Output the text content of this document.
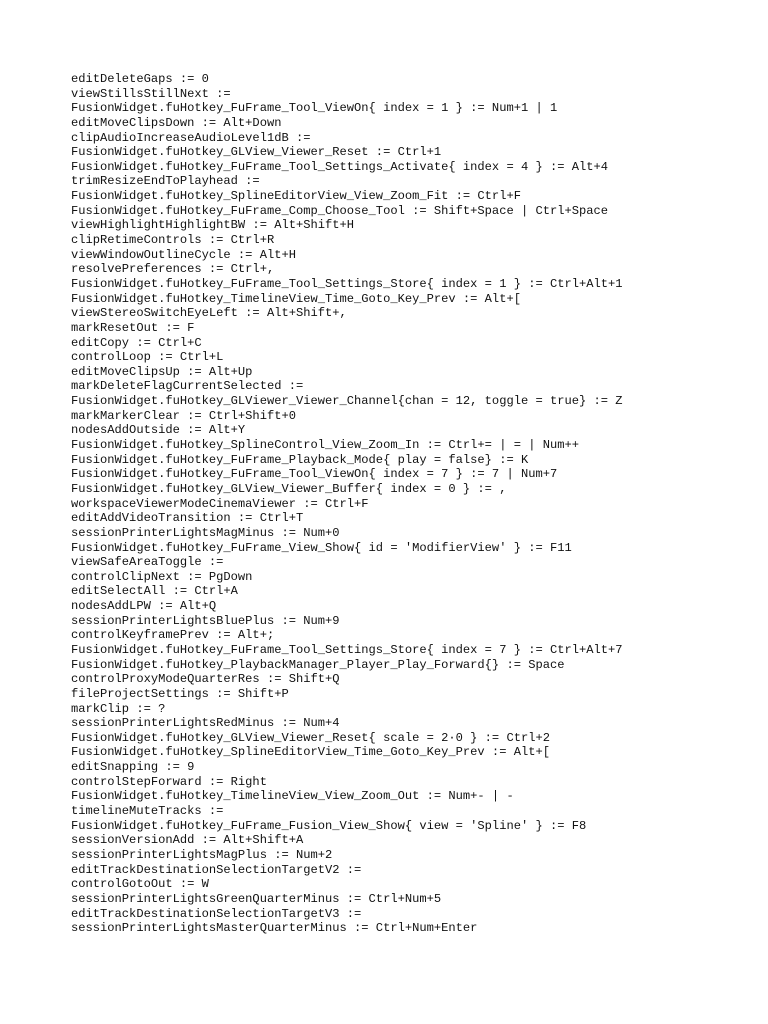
editDeleteGaps := 0
viewStillsStillNext :=
FusionWidget.fuHotkey_FuFrame_Tool_ViewOn{ index = 1 } := Num+1 | 1
editMoveClipsDown := Alt+Down
clipAudioIncreaseAudioLevel1dB :=
FusionWidget.fuHotkey_GLView_Viewer_Reset := Ctrl+1
FusionWidget.fuHotkey_FuFrame_Tool_Settings_Activate{ index = 4 } := Alt+4
trimResizeEndToPlayhead :=
FusionWidget.fuHotkey_SplineEditorView_View_Zoom_Fit := Ctrl+F
FusionWidget.fuHotkey_FuFrame_Comp_Choose_Tool := Shift+Space | Ctrl+Space
viewHighlightHighlightBW := Alt+Shift+H
clipRetimeControls := Ctrl+R
viewWindowOutlineCycle := Alt+H
resolvePreferences := Ctrl+,
FusionWidget.fuHotkey_FuFrame_Tool_Settings_Store{ index = 1 } := Ctrl+Alt+1
FusionWidget.fuHotkey_TimelineView_Time_Goto_Key_Prev := Alt+[
viewStereoSwitchEyeLeft := Alt+Shift+,
markResetOut := F
editCopy := Ctrl+C
controlLoop := Ctrl+L
editMoveClipsUp := Alt+Up
markDeleteFlagCurrentSelected :=
FusionWidget.fuHotkey_GLViewer_Viewer_Channel{chan = 12, toggle = true} := Z
markMarkerClear := Ctrl+Shift+0
nodesAddOutside := Alt+Y
FusionWidget.fuHotkey_SplineControl_View_Zoom_In := Ctrl+= | = | Num++
FusionWidget.fuHotkey_FuFrame_Playback_Mode{ play = false} := K
FusionWidget.fuHotkey_FuFrame_Tool_ViewOn{ index = 7 } := 7 | Num+7
FusionWidget.fuHotkey_GLView_Viewer_Buffer{ index = 0 } := ,
workspaceViewerModeCinemaViewer := Ctrl+F
editAddVideoTransition := Ctrl+T
sessionPrinterLightsMagMinus := Num+0
FusionWidget.fuHotkey_FuFrame_View_Show{ id = 'ModifierView' } := F11
viewSafeAreaToggle :=
controlClipNext := PgDown
editSelectAll := Ctrl+A
nodesAddLPW := Alt+Q
sessionPrinterLightsBluePlus := Num+9
controlKeyframePrev := Alt+;
FusionWidget.fuHotkey_FuFrame_Tool_Settings_Store{ index = 7 } := Ctrl+Alt+7
FusionWidget.fuHotkey_PlaybackManager_Player_Play_Forward{} := Space
controlProxyModeQuarterRes := Shift+Q
fileProjectSettings := Shift+P
markClip := ?
sessionPrinterLightsRedMinus := Num+4
FusionWidget.fuHotkey_GLView_Viewer_Reset{ scale = 2·0 } := Ctrl+2
FusionWidget.fuHotkey_SplineEditorView_Time_Goto_Key_Prev := Alt+[
editSnapping := 9
controlStepForward := Right
FusionWidget.fuHotkey_TimelineView_View_Zoom_Out := Num+- | -
timelineMuteTracks :=
FusionWidget.fuHotkey_FuFrame_Fusion_View_Show{ view = 'Spline' } := F8
sessionVersionAdd := Alt+Shift+A
sessionPrinterLightsMagPlus := Num+2
editTrackDestinationSelectionTargetV2 :=
controlGotoOut := W
sessionPrinterLightsGreenQuarterMinus := Ctrl+Num+5
editTrackDestinationSelectionTargetV3 :=
sessionPrinterLightsMasterQuarterMinus := Ctrl+Num+Enter
